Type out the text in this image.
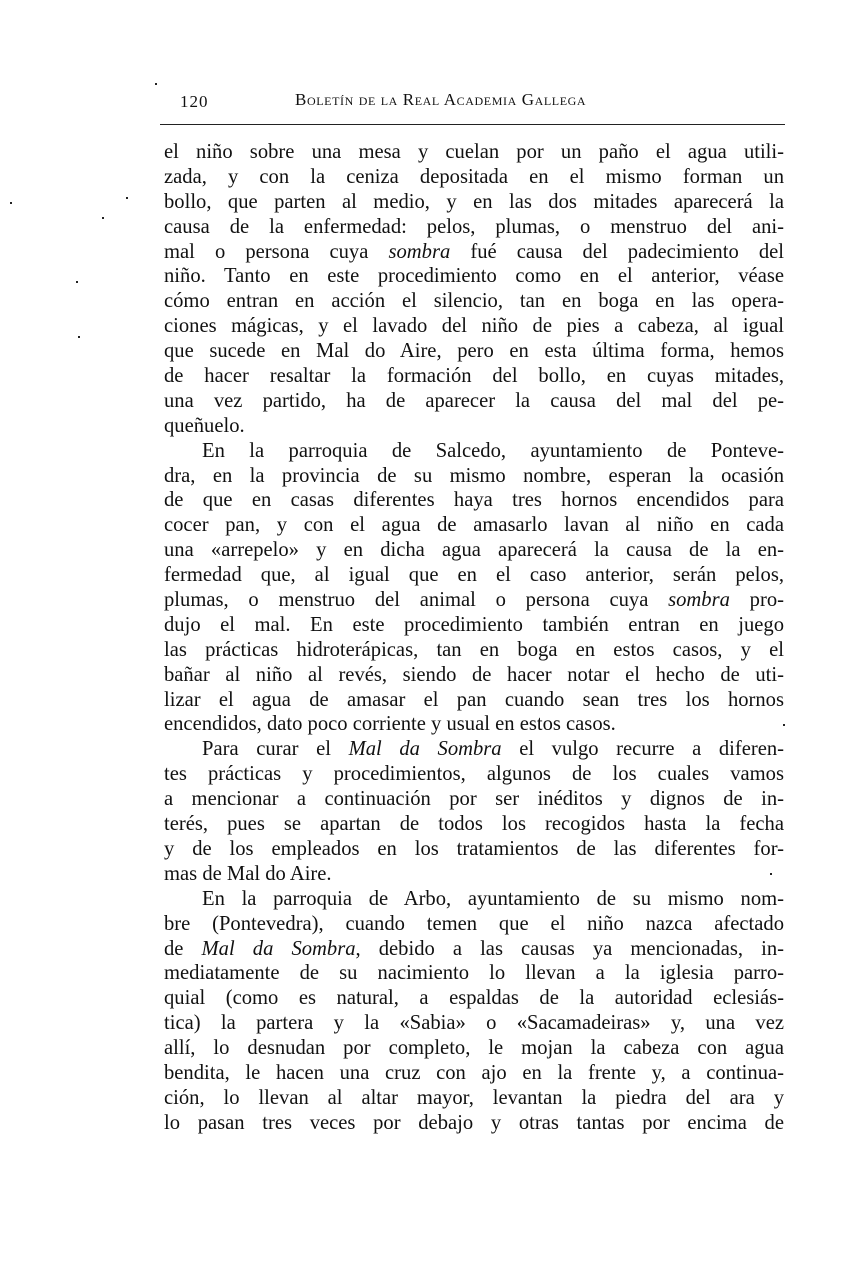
120	Boletín de la Real Academia Gallega
el niño sobre una mesa y cuelan por un paño el agua utili-
zada, y con la ceniza depositada en el mismo forman un
bollo, que parten al medio, y en las dos mitades aparecerá la
causa de la enfermedad: pelos, plumas, o menstruo del ani-
mal o persona cuya sombra fué causa del padecimiento del
niño. Tanto en este procedimiento como en el anterior, véase
cómo entran en acción el silencio, tan en boga en las opera-
ciones mágicas, y el lavado del niño de pies a cabeza, al igual
que sucede en Mal do Aire, pero en esta última forma, hemos
de hacer resaltar la formación del bollo, en cuyas mitades,
una vez partido, ha de aparecer la causa del mal del pe-
queñuelo.
En la parroquia de Salcedo, ayuntamiento de Ponteve-
dra, en la provincia de su mismo nombre, esperan la ocasión
de que en casas diferentes haya tres hornos encendidos para
cocer pan, y con el agua de amasarlo lavan al niño en cada
una «arrepelo» y en dicha agua aparecerá la causa de la en-
fermedad que, al igual que en el caso anterior, serán pelos,
plumas, o menstruo del animal o persona cuya sombra pro-
dujo el mal. En este procedimiento también entran en juego
las prácticas hidroterápicas, tan en boga en estos casos, y el
bañar al niño al revés, siendo de hacer notar el hecho de uti-
lizar el agua de amasar el pan cuando sean tres los hornos
encendidos, dato poco corriente y usual en estos casos.
Para curar el Mal da Sombra el vulgo recurre a diferen-
tes prácticas y procedimientos, algunos de los cuales vamos
a mencionar a continuación por ser inéditos y dignos de in-
terés, pues se apartan de todos los recogidos hasta la fecha
y de los empleados en los tratamientos de las diferentes for-
mas de Mal do Aire.
En la parroquia de Arbo, ayuntamiento de su mismo nom-
bre (Pontevedra), cuando temen que el niño nazca afectado
de Mal da Sombra, debido a las causas ya mencionadas, in-
mediatamente de su nacimiento lo llevan a la iglesia parro-
quial (como es natural, a espaldas de la autoridad eclesiás-
tica) la partera y la «Sabia» o «Sacamadeiras» y, una vez
allí, lo desnudan por completo, le mojan la cabeza con agua
bendita, le hacen una cruz con ajo en la frente y, a continua-
ción, lo llevan al altar mayor, levantan la piedra del ara y
lo pasan tres veces por debajo y otras tantas por encima de
